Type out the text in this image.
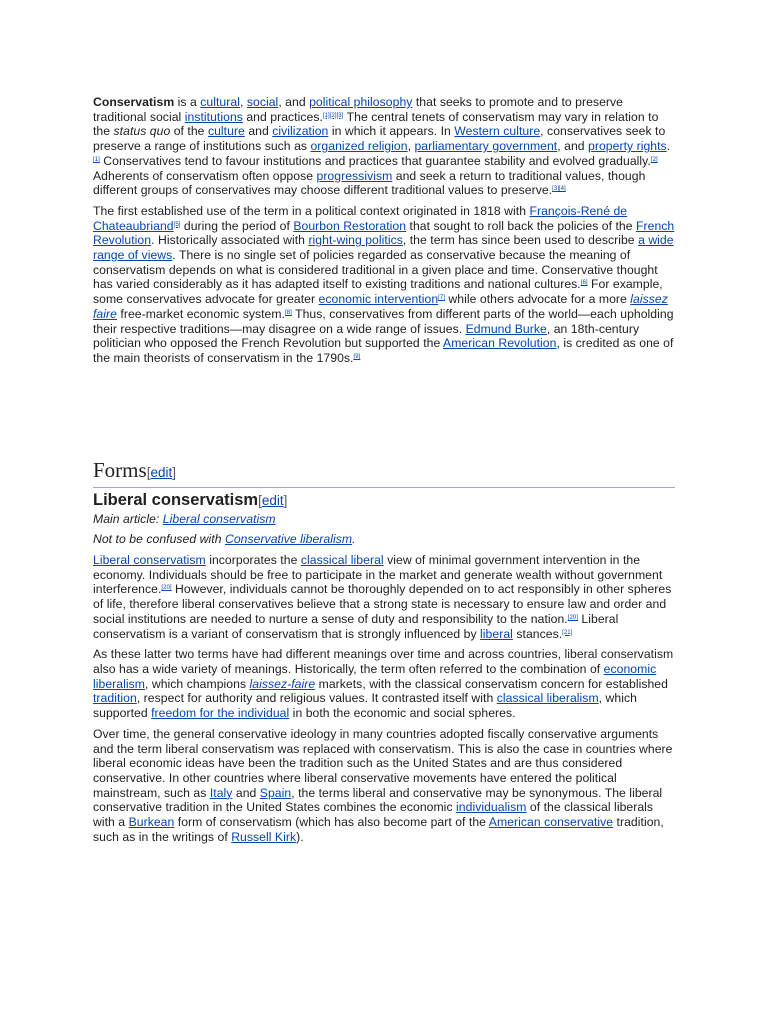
Conservatism is a cultural, social, and political philosophy that seeks to promote and to preserve traditional social institutions and practices.[1][2][3] The central tenets of conservatism may vary in relation to the status quo of the culture and civilization in which it appears. In Western culture, conservatives seek to preserve a range of institutions such as organized religion, parliamentary government, and property rights.[1] Conservatives tend to favour institutions and practices that guarantee stability and evolved gradually.[2] Adherents of conservatism often oppose progressivism and seek a return to traditional values, though different groups of conservatives may choose different traditional values to preserve.[3][4]

The first established use of the term in a political context originated in 1818 with François-René de Chateaubriand[5] during the period of Bourbon Restoration that sought to roll back the policies of the French Revolution. Historically associated with right-wing politics, the term has since been used to describe a wide range of views. There is no single set of policies regarded as conservative because the meaning of conservatism depends on what is considered traditional in a given place and time. Conservative thought has varied considerably as it has adapted itself to existing traditions and national cultures.[6] For example, some conservatives advocate for greater economic intervention[7] while others advocate for a more laissez faire free-market economic system.[8] Thus, conservatives from different parts of the world—each upholding their respective traditions—may disagree on a wide range of issues. Edmund Burke, an 18th-century politician who opposed the French Revolution but supported the American Revolution, is credited as one of the main theorists of conservatism in the 1790s.[9]

Forms[edit]
Liberal conservatism[edit]

Main article: Liberal conservatism

Not to be confused with Conservative liberalism.

Liberal conservatism incorporates the classical liberal view of minimal government intervention in the economy. Individuals should be free to participate in the market and generate wealth without government interference.[20] However, individuals cannot be thoroughly depended on to act responsibly in other spheres of life, therefore liberal conservatives believe that a strong state is necessary to ensure law and order and social institutions are needed to nurture a sense of duty and responsibility to the nation.[20] Liberal conservatism is a variant of conservatism that is strongly influenced by liberal stances.[21]

As these latter two terms have had different meanings over time and across countries, liberal conservatism also has a wide variety of meanings. Historically, the term often referred to the combination of economic liberalism, which champions laissez-faire markets, with the classical conservatism concern for established tradition, respect for authority and religious values. It contrasted itself with classical liberalism, which supported freedom for the individual in both the economic and social spheres.

Over time, the general conservative ideology in many countries adopted fiscally conservative arguments and the term liberal conservatism was replaced with conservatism. This is also the case in countries where liberal economic ideas have been the tradition such as the United States and are thus considered conservative. In other countries where liberal conservative movements have entered the political mainstream, such as Italy and Spain, the terms liberal and conservative may be synonymous. The liberal conservative tradition in the United States combines the economic individualism of the classical liberals with a Burkean form of conservatism (which has also become part of the American conservative tradition, such as in the writings of Russell Kirk).
